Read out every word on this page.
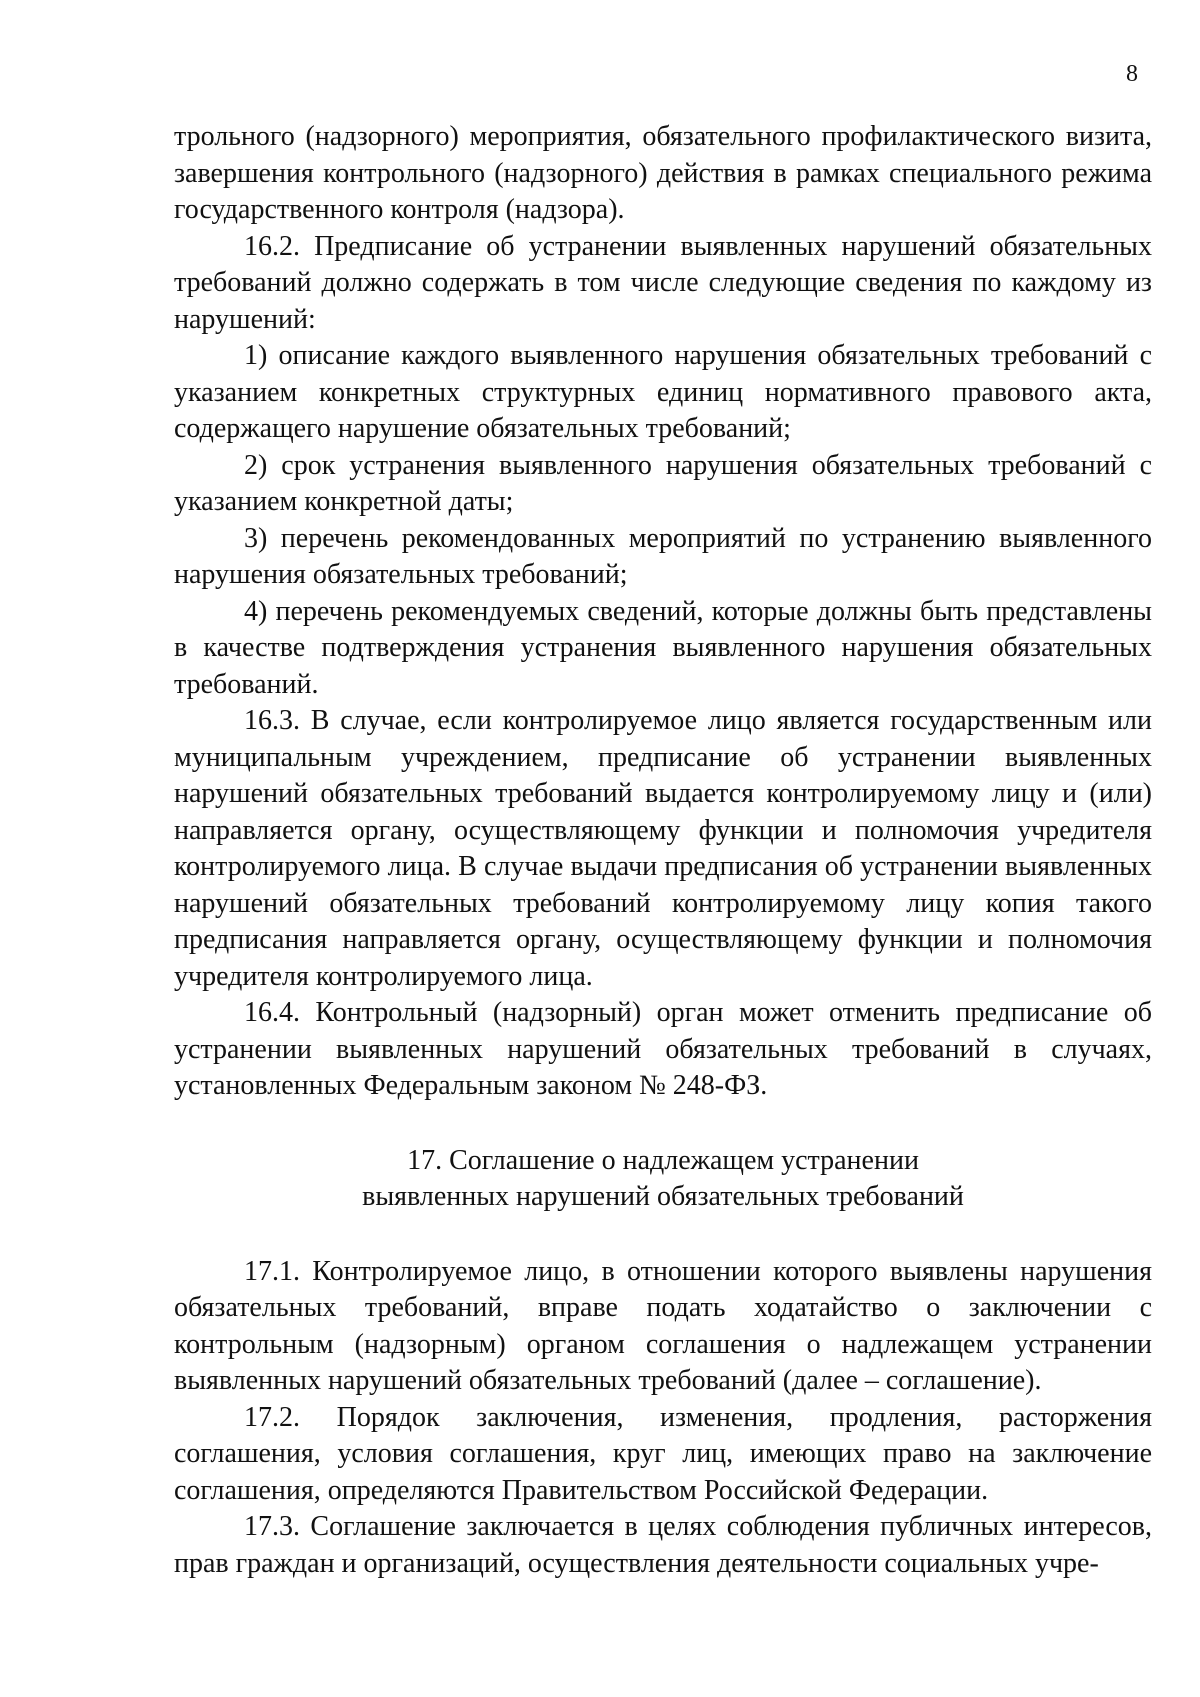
8

трольного (надзорного) мероприятия, обязательного профилактического визита, завершения контрольного (надзорного) действия в рамках специального режима государственного контроля (надзора).

16.2. Предписание об устранении выявленных нарушений обязательных требований должно содержать в том числе следующие сведения по каждому из нарушений:

1) описание каждого выявленного нарушения обязательных требований с указанием конкретных структурных единиц нормативного правового акта, содержащего нарушение обязательных требований;

2) срок устранения выявленного нарушения обязательных требований с указанием конкретной даты;

3) перечень рекомендованных мероприятий по устранению выявленного нарушения обязательных требований;

4) перечень рекомендуемых сведений, которые должны быть представлены в качестве подтверждения устранения выявленного нарушения обязательных требований.

16.3. В случае, если контролируемое лицо является государственным или муниципальным учреждением, предписание об устранении выявленных нарушений обязательных требований выдается контролируемому лицу и (или) направляется органу, осуществляющему функции и полномочия учредителя контролируемого лица. В случае выдачи предписания об устранении выявленных нарушений обязательных требований контролируемому лицу копия такого предписания направляется органу, осуществляющему функции и полномочия учредителя контролируемого лица.

16.4. Контрольный (надзорный) орган может отменить предписание об устранении выявленных нарушений обязательных требований в случаях, установленных Федеральным законом № 248-ФЗ.

17. Соглашение о надлежащем устранении
выявленных нарушений обязательных требований

17.1. Контролируемое лицо, в отношении которого выявлены нарушения обязательных требований, вправе подать ходатайство о заключении с контрольным (надзорным) органом соглашения о надлежащем устранении выявленных нарушений обязательных требований (далее – соглашение).

17.2. Порядок заключения, изменения, продления, расторжения соглашения, условия соглашения, круг лиц, имеющих право на заключение соглашения, определяются Правительством Российской Федерации.

17.3. Соглашение заключается в целях соблюдения публичных интересов, прав граждан и организаций, осуществления деятельности социальных учре-
